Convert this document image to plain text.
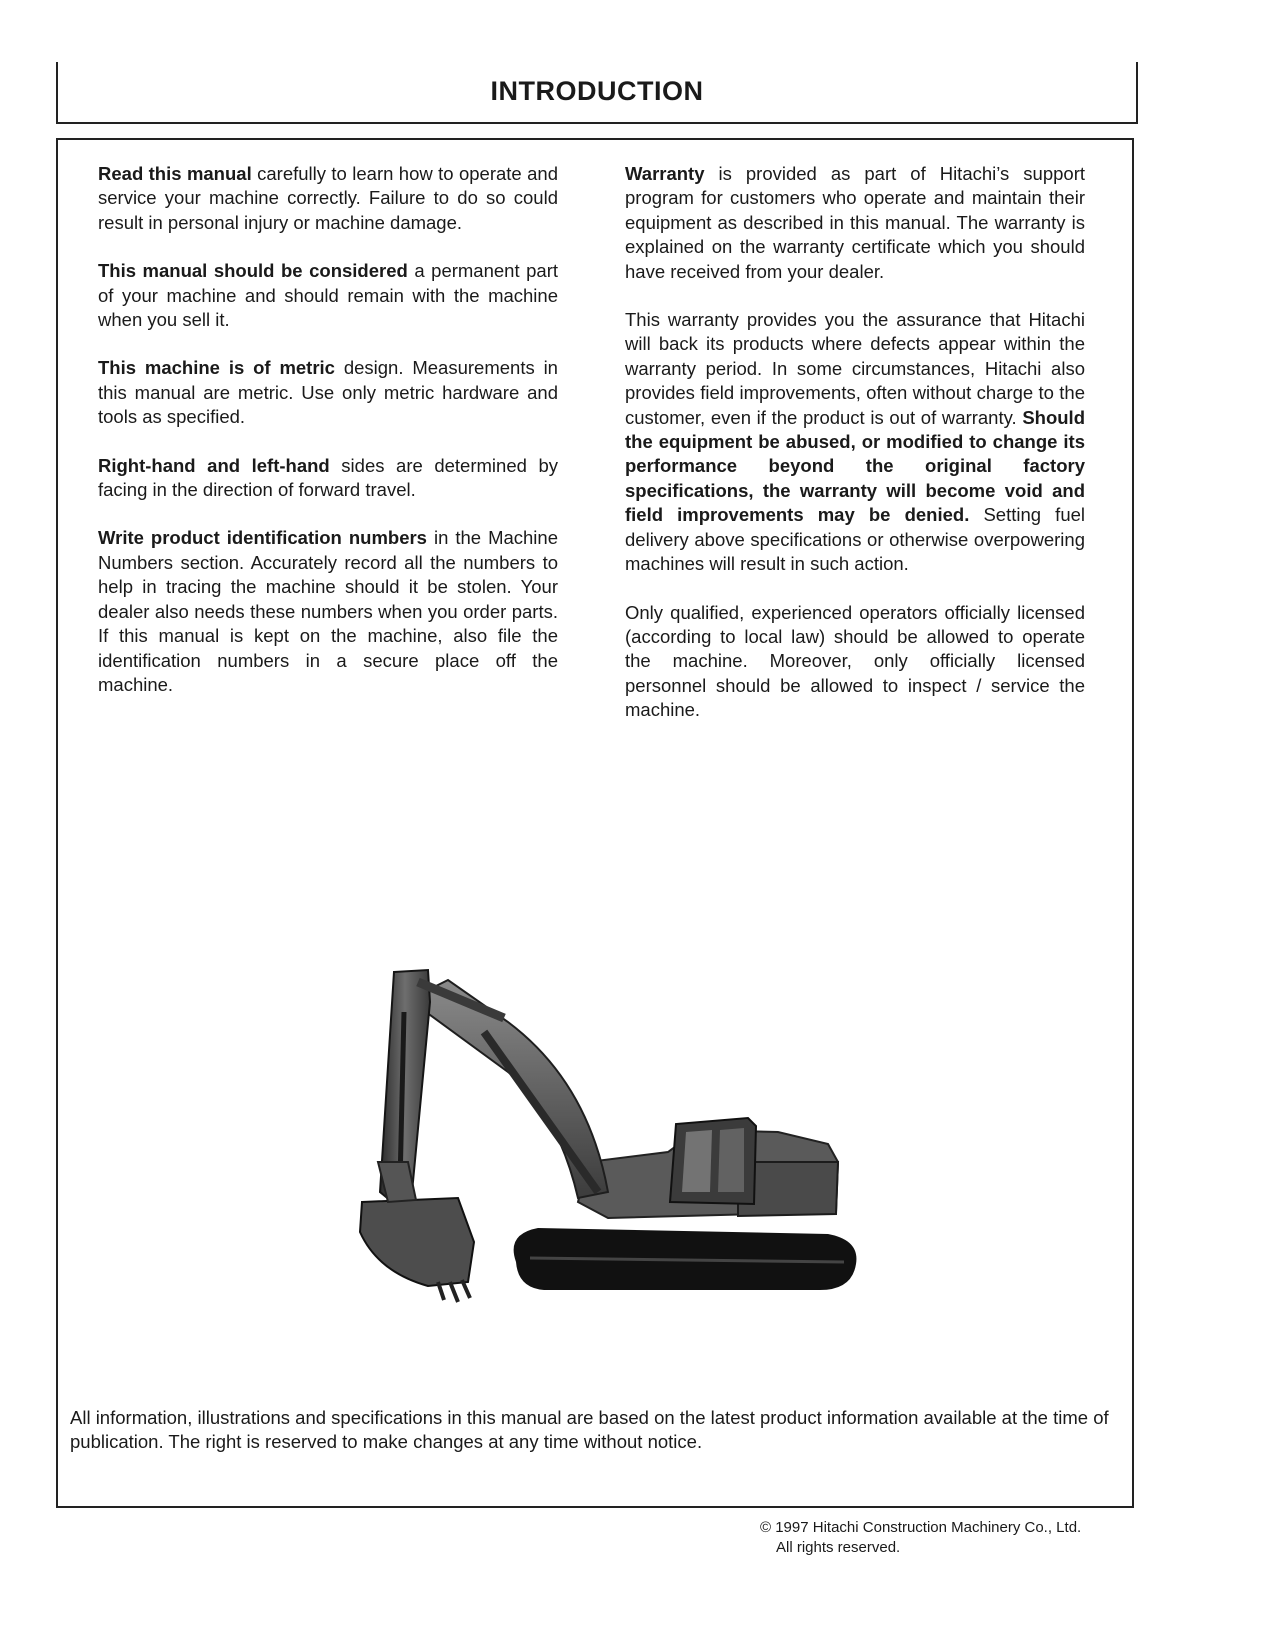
INTRODUCTION

Read this manual carefully to learn how to operate and service your machine correctly. Failure to do so could result in personal injury or machine damage.

This manual should be considered a permanent part of your machine and should remain with the machine when you sell it.

This machine is of metric design. Measurements in this manual are metric. Use only metric hardware and tools as specified.

Right-hand and left-hand sides are determined by facing in the direction of forward travel.

Write product identification numbers in the Machine Numbers section. Accurately record all the numbers to help in tracing the machine should it be stolen. Your dealer also needs these numbers when you order parts. If this manual is kept on the machine, also file the identification numbers in a secure place off the machine.

Warranty is provided as part of Hitachi’s support program for customers who operate and maintain their equipment as described in this manual. The warranty is explained on the warranty certificate which you should have received from your dealer.

This warranty provides you the assurance that Hitachi will back its products where defects appear within the warranty period. In some circumstances, Hitachi also provides field improvements, often without charge to the customer, even if the product is out of warranty. Should the equipment be abused, or modified to change its performance beyond the original factory specifications, the warranty will become void and field improvements may be denied. Setting fuel delivery above specifications or otherwise overpowering machines will result in such action.

Only qualified, experienced operators officially licensed (according to local law) should be allowed to operate the machine. Moreover, only officially licensed personnel should be allowed to inspect / service the machine.

All information, illustrations and specifications in this manual are based on the latest product information available at the time of publication. The right is reserved to make changes at any time without notice.
© 1997 Hitachi Construction Machinery Co., Ltd.
All rights reserved.
